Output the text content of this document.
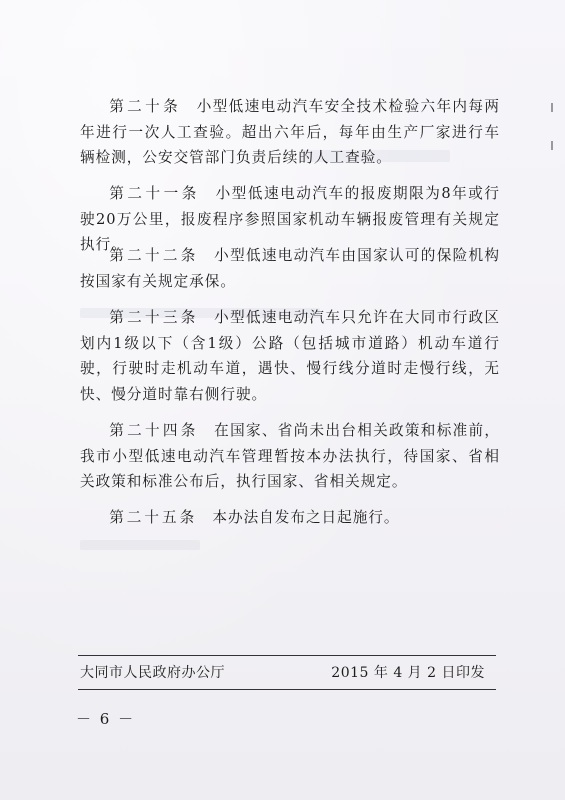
第二十条　 小型低速电动汽车安全技术检验六年内每两年进行一次人工查验。超出六年后，每年由生产厂家进行车辆检测，公安交管部门负责后续的人工查验。

第二十一条　 小型低速电动汽车的报废期限为8年或行驶20万公里，报废程序参照国家机动车辆报废管理有关规定执行。

第二十二条　 小型低速电动汽车由国家认可的保险机构按国家有关规定承保。

第二十三条　 小型低速电动汽车只允许在大同市行政区划内1级以下（含1级）公路（包括城市道路）机动车道行驶，行驶时走机动车道，遇快、慢行线分道时走慢行线，无快、慢分道时靠右侧行驶。

第二十四条　 在国家、省尚未出台相关政策和标准前，我市小型低速电动汽车管理暂按本办法执行，待国家、省相关政策和标准公布后，执行国家、省相关规定。

第二十五条　 本办法自发布之日起施行。

大同市人民政府办公厅	2015 年 4 月 2 日印发
－ 6 －
